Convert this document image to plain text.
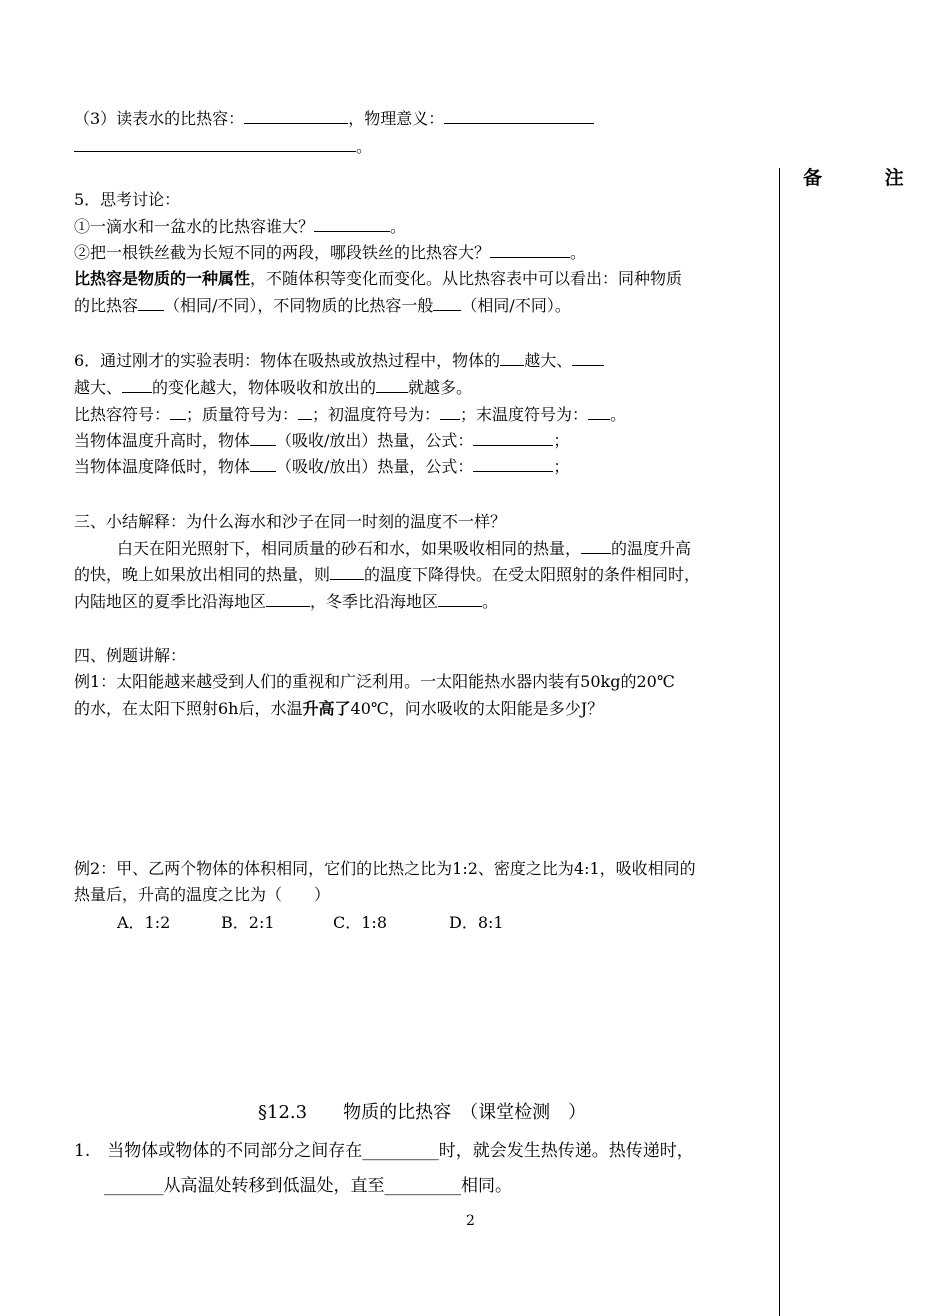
备 注
（3）读表水的比热容：	，物理意义：
。
5．思考讨论：
①一滴水和一盆水的比热容谁大？	。
②把一根铁丝截为长短不同的两段，哪段铁丝的比热容大？	。
比热容是物质的一种属性，不随体积等变化而变化。从比热容表中可以看出：同种物质
的比热容 （相同/不同），不同物质的比热容一般 （相同/不同）。
6．通过刚才的实验表明：物体在吸热或放热过程中，物体的 越大、
越大、 的变化越大，物体吸收和放出的 就越多。
比热容符号： ；质量符号为： ；初温度符号为： ；末温度符号为： 。
当物体温度升高时，物体 （吸收/放出）热量，公式：	；
当物体温度降低时，物体 （吸收/放出）热量，公式：	；
三、小结解释：为什么海水和沙子在同一时刻的温度不一样？
白天在阳光照射下，相同质量的砂石和水，如果吸收相同的热量， 的温度升高
的快，晚上如果放出相同的热量，则 的温度下降得快。在受太阳照射的条件相同时，
内陆地区的夏季比沿海地区	，冬季比沿海地区	。
四、例题讲解：
例1：太阳能越来越受到人们的重视和广泛利用。一太阳能热水器内装有50kg的20℃
的水，在太阳下照射6h后，水温升高了40℃，问水吸收的太阳能是多少J？
例2：甲、乙两个物体的体积相同，它们的比热之比为1:2、密度之比为4:1，吸收相同的
热量后，升高的温度之比为（　　）
A．1:2	B．2:1	C．1:8	D．8:1
§12.3　　物质的比热容　（课堂检测　）
1.　当物体或物体的不同部分之间存在_________时，就会发生热传递。热传递时，
_______从高温处转移到低温处，直至_________相同。
2
